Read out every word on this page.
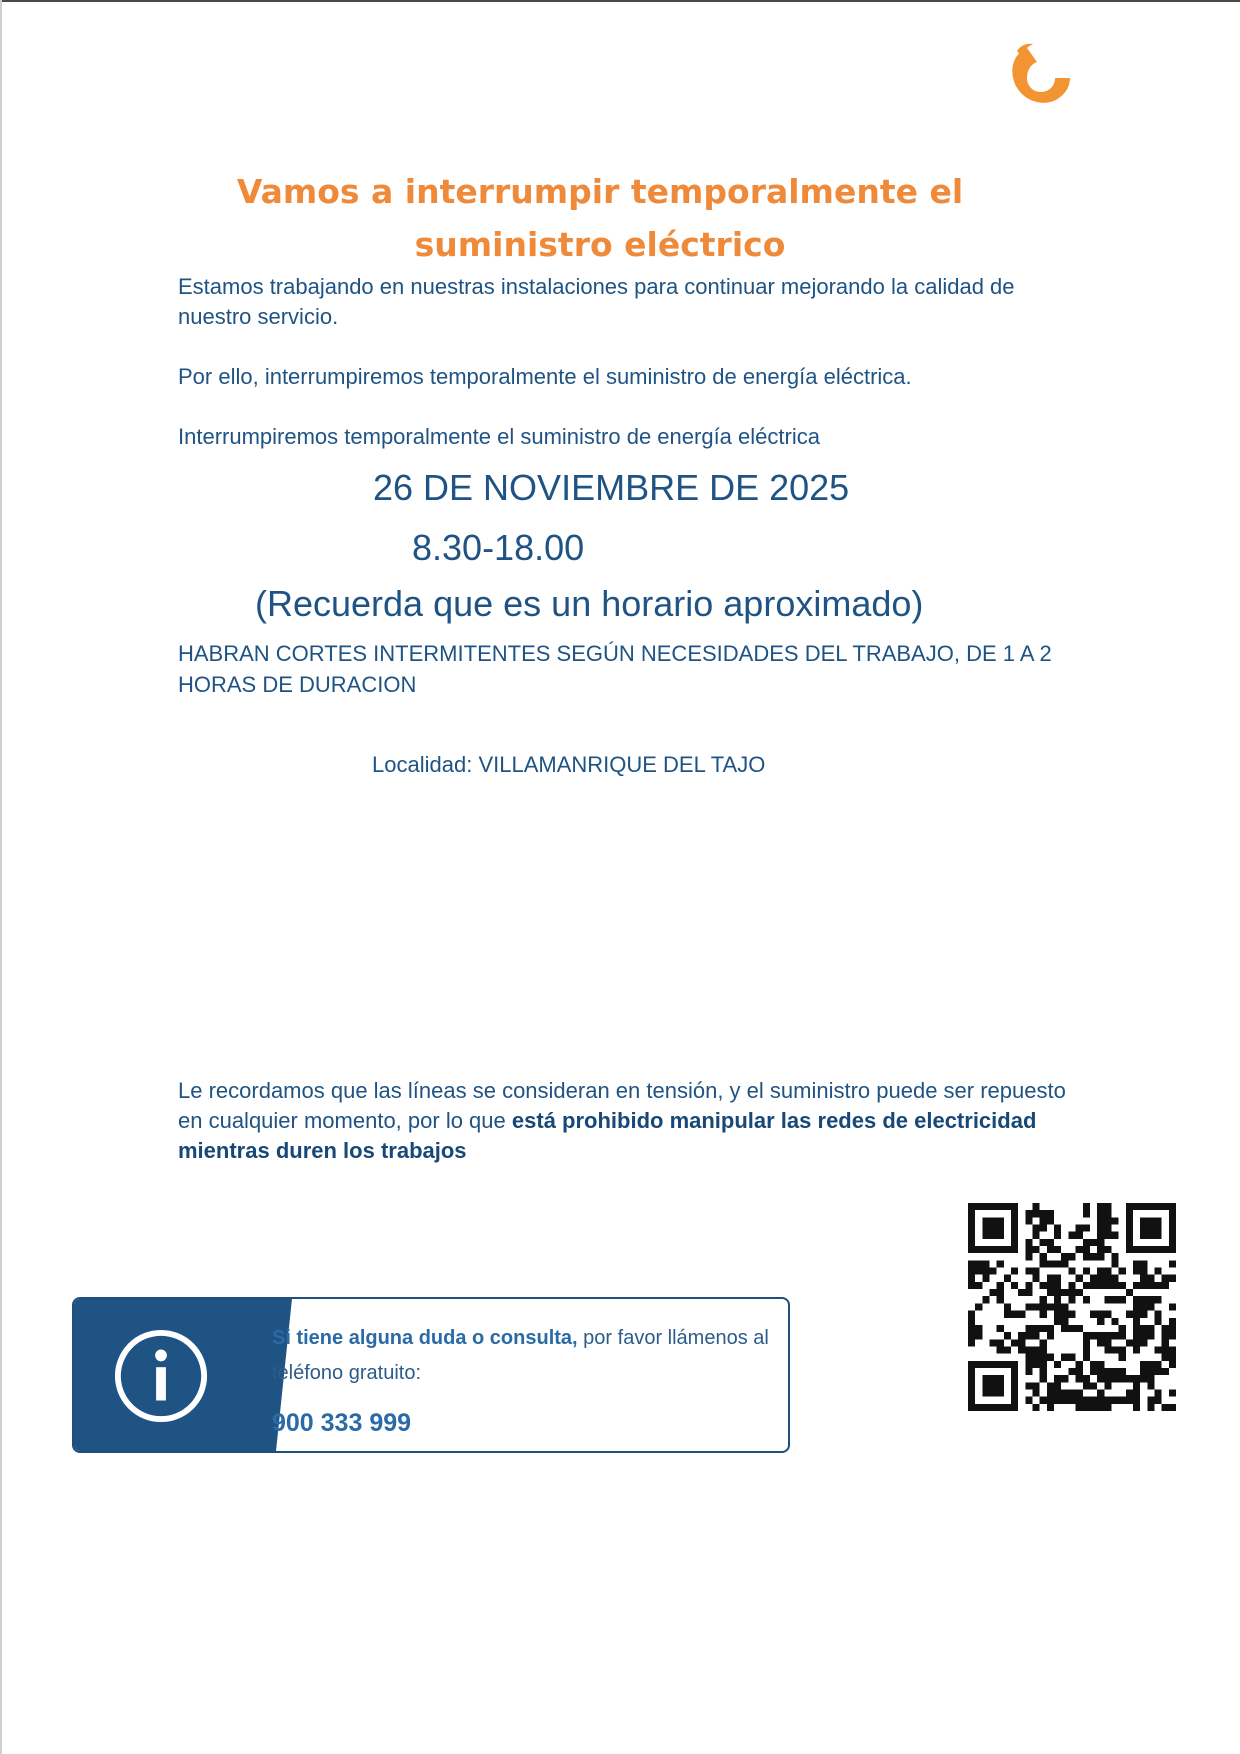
Vamos a interrumpir temporalmente el suministro eléctrico
Estamos trabajando en nuestras instalaciones para continuar mejorando la calidad de nuestro servicio.
Por ello, interrumpiremos temporalmente el suministro de energía eléctrica.
Interrumpiremos temporalmente el suministro de energía eléctrica
26 DE NOVIEMBRE DE 2025
8.30-18.00
(Recuerda que es un horario aproximado)
HABRAN CORTES INTERMITENTES SEGÚN NECESIDADES DEL TRABAJO, DE 1 A 2 HORAS DE DURACION
Localidad: VILLAMANRIQUE DEL TAJO
Le recordamos que las líneas se consideran en tensión, y el suministro puede ser repuesto en cualquier momento, por lo que está prohibido manipular las redes de electricidad mientras duren los trabajos
Si tiene alguna duda o consulta, por favor llámenos al teléfono gratuito:
900 333 999
